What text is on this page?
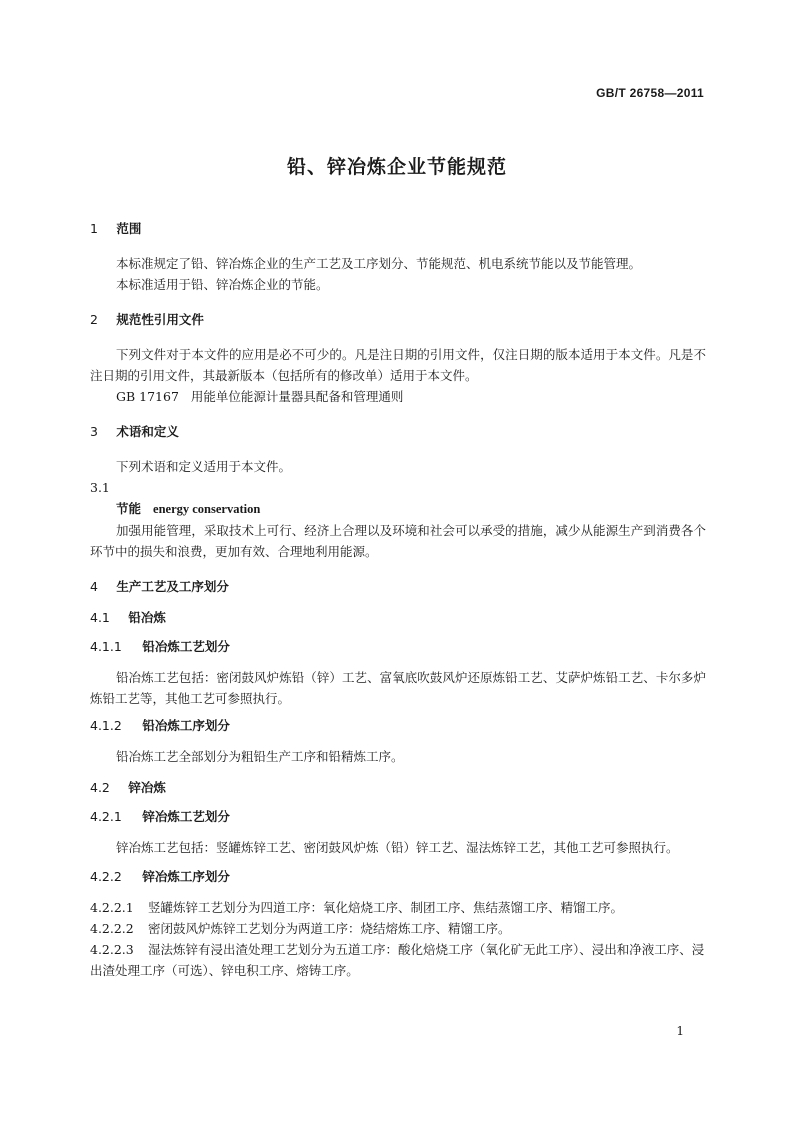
GB/T 26758—2011
铅、锌冶炼企业节能规范

1 范围

本标准规定了铅、锌冶炼企业的生产工艺及工序划分、节能规范、机电系统节能以及节能管理。

本标准适用于铅、锌冶炼企业的节能。

2 规范性引用文件

下列文件对于本文件的应用是必不可少的。凡是注日期的引用文件，仅注日期的版本适用于本文件。凡是不注日期的引用文件，其最新版本（包括所有的修改单）适用于本文件。

GB 17167 用能单位能源计量器具配备和管理通则

3 术语和定义

下列术语和定义适用于本文件。

3.1

节能 energy conservation

加强用能管理，采取技术上可行、经济上合理以及环境和社会可以承受的措施，减少从能源生产到消费各个环节中的损失和浪费，更加有效、合理地利用能源。

4 生产工艺及工序划分

4.1 铅冶炼

4.1.1 铅冶炼工艺划分

铅冶炼工艺包括：密闭鼓风炉炼铅（锌）工艺、富氧底吹鼓风炉还原炼铅工艺、艾萨炉炼铅工艺、卡尔多炉炼铅工艺等，其他工艺可参照执行。

4.1.2 铅冶炼工序划分

铅冶炼工艺全部划分为粗铅生产工序和铅精炼工序。

4.2 锌冶炼

4.2.1 锌冶炼工艺划分

锌冶炼工艺包括：竖罐炼锌工艺、密闭鼓风炉炼（铅）锌工艺、湿法炼锌工艺，其他工艺可参照执行。

4.2.2 锌冶炼工序划分

4.2.2.1 竖罐炼锌工艺划分为四道工序：氧化焙烧工序、制团工序、焦结蒸馏工序、精馏工序。

4.2.2.2 密闭鼓风炉炼锌工艺划分为两道工序：烧结熔炼工序、精馏工序。

4.2.2.3 湿法炼锌有浸出渣处理工艺划分为五道工序：酸化焙烧工序（氧化矿无此工序）、浸出和净液工序、浸出渣处理工序（可选）、锌电积工序、熔铸工序。

1
